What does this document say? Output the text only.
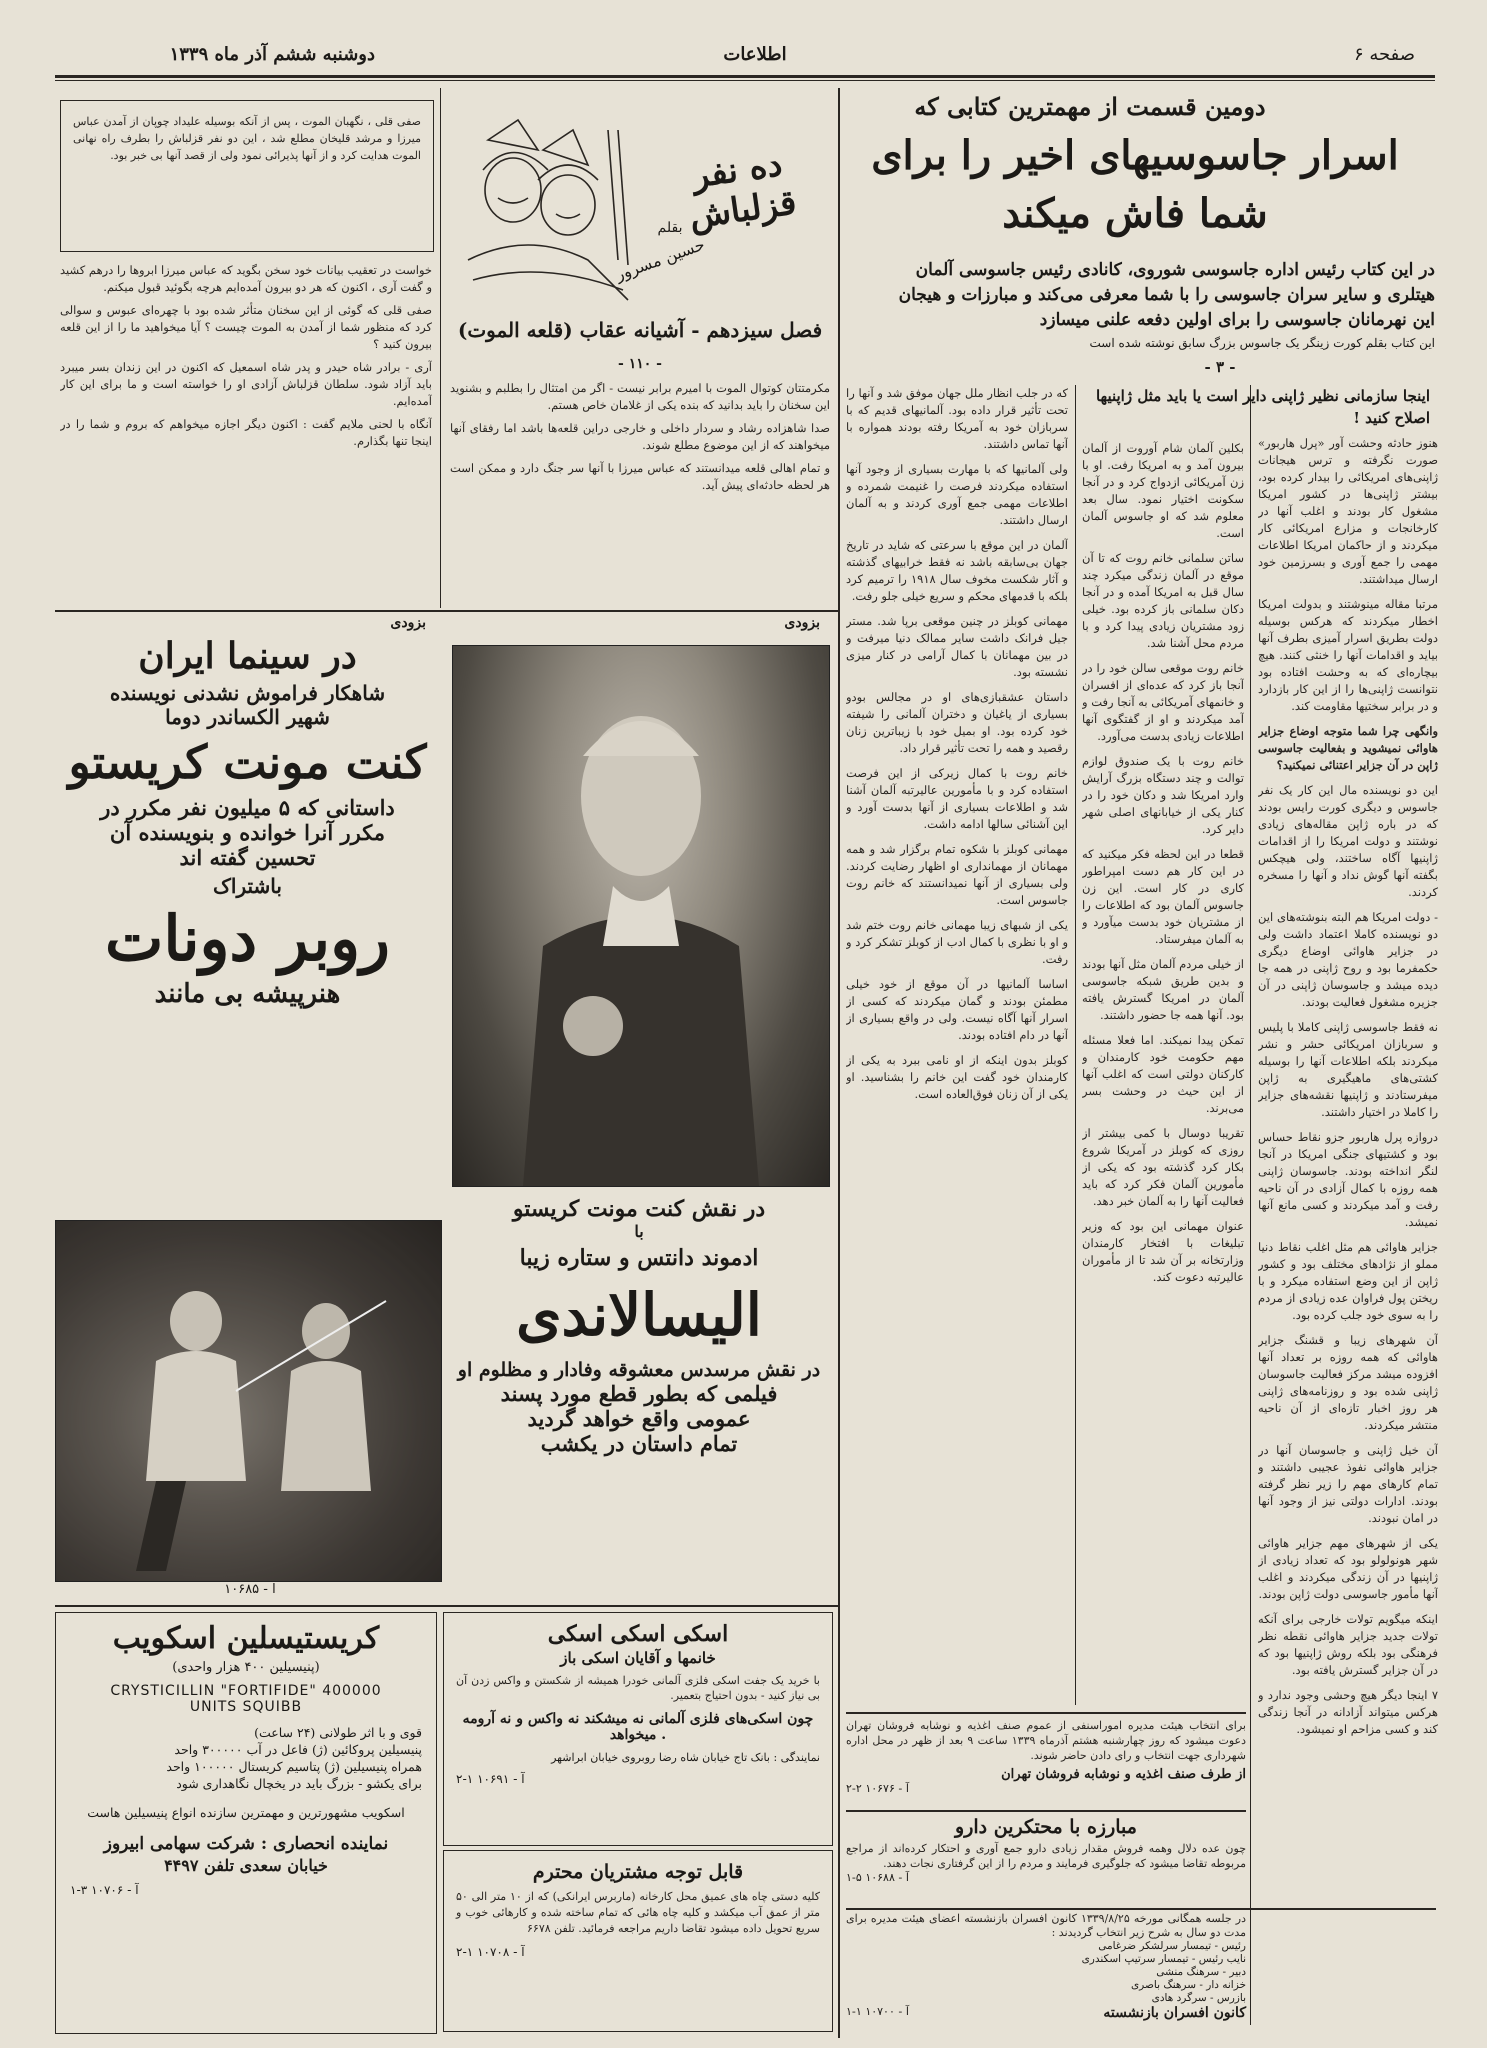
صفحه ۶
اطلاعات
دوشنبه ششم آذر ماه ۱۳۳۹
دومین قسمت از مهمترین کتابی که
اسرار جاسوسیهای اخیر را برای
شما فاش میکند
در این کتاب رئیس اداره جاسوسی شوروی، کانادی رئیس جاسوسی آلمان هیتلری و سایر سران جاسوسی را با شما معرفی می‌کند و مبارزات و هیجان این نهرمانان جاسوسی را برای اولین دفعه علنی میسازد
این کتاب بقلم کورت زینگر یک جاسوس بزرگ سابق نوشته شده است
- ۳ -
اینجا سازمانی نظیر ژاپنی دایر است یا باید مثل ژاپنیها اصلاح کنید !

هنوز حادثه وحشت آور «پرل هاربور» صورت نگرفته و ترس هیجانات ژاپنی‌های امریکائی را بیدار کرده بود، بیشتر ژاپنی‌ها در کشور امریکا مشغول کار بودند و اغلب آنها در کارخانجات و مزارع امریکائی کار میکردند و از حاکمان امریکا اطلاعات مهمی را جمع آوری و بسرزمین خود ارسال میداشتند.

مرتبا مقاله مینوشتند و بدولت امریکا اخطار میکردند که هرکس بوسیله دولت بطریق اسرار آمیزی بطرف آنها بیاید و اقدامات آنها را خنثی کنند. هیچ بیچاره‌ای که به وحشت افتاده بود نتوانست ژاپنی‌ها را از این کار بازدارد و در برابر سختیها مقاومت کند.

وانگهی چرا شما متوجه اوضاع جزایر هاوائی نمیشوید و بفعالیت جاسوسی ژاپن در آن جزایر اعتنائی نمیکنید؟

این دو نویسنده مال این کار یک نفر جاسوس و دیگری کورت رایس بودند که در باره ژاپن مقاله‌های زیادی نوشتند و دولت امریکا را از اقدامات ژاپنیها آگاه ساختند، ولی هیچکس بگفته آنها گوش نداد و آنها را مسخره کردند.

- دولت امریکا هم البته بنوشته‌های این دو نویسنده کاملا اعتماد داشت ولی در جزایر هاوائی اوضاع دیگری حکمفرما بود و روح ژاپنی در همه جا دیده میشد و جاسوسان ژاپنی در آن جزیره مشغول فعالیت بودند.

نه فقط جاسوسی ژاپنی کاملا با پلیس و سربازان امریکائی حشر و نشر میکردند بلکه اطلاعات آنها را بوسیله کشتی‌های ماهیگیری به ژاپن میفرستادند و ژاپنیها نقشه‌های جزایر را کاملا در اختیار داشتند.

دروازه پرل هاربور جزو نقاط حساس بود و کشتیهای جنگی امریکا در آنجا لنگر انداخته بودند. جاسوسان ژاپنی همه روزه با کمال آزادی در آن ناحیه رفت و آمد میکردند و کسی مانع آنها نمیشد.

جزایر هاوائی هم مثل اغلب نقاط دنیا مملو از نژادهای مختلف بود و کشور ژاپن از این وضع استفاده میکرد و با ریختن پول فراوان عده زیادی از مردم را به سوی خود جلب کرده بود.

آن شهرهای زیبا و قشنگ جزایر هاوائی که همه روزه بر تعداد آنها افزوده میشد مرکز فعالیت جاسوسان ژاپنی شده بود و روزنامه‌های ژاپنی هر روز اخبار تازه‌ای از آن ناحیه منتشر میکردند.

آن خیل ژاپنی و جاسوسان آنها در جزایر هاوائی نفوذ عجیبی داشتند و تمام کارهای مهم را زیر نظر گرفته بودند. ادارات دولتی نیز از وجود آنها در امان نبودند.

یکی از شهرهای مهم جزایر هاوائی شهر هونولولو بود که تعداد زیادی از ژاپنیها در آن زندگی میکردند و اغلب آنها مأمور جاسوسی دولت ژاپن بودند.

اینکه میگویم تولات خارجی برای آنکه تولات جدید جزایر هاوائی نقطه نظر فرهنگی بود بلکه روش ژاپنیها بود که در آن جزایر گسترش یافته بود.

۷ اینجا دیگر هیچ وحشی وجود ندارد و هرکس میتواند آزادانه در آنجا زندگی کند و کسی مزاحم او نمیشود.

بکلین آلمان شام آوروت از آلمان بیرون آمد و به امریکا رفت. او با زن آمریکائی ازدواج کرد و در آنجا سکونت اختیار نمود. سال بعد معلوم شد که او جاسوس آلمان است.

ساتن سلمانی خانم روت که تا آن موقع در آلمان زندگی میکرد چند سال قبل به امریکا آمده و در آنجا دکان سلمانی باز کرده بود. خیلی زود مشتریان زیادی پیدا کرد و با مردم محل آشنا شد.

خانم روت موقعی سالن خود را در آنجا باز کرد که عده‌ای از افسران و خانمهای آمریکائی به آنجا رفت و آمد میکردند و او از گفتگوی آنها اطلاعات زیادی بدست می‌آورد.

خانم روت با یک صندوق لوازم توالت و چند دستگاه بزرگ آرایش وارد امریکا شد و دکان خود را در کنار یکی از خیابانهای اصلی شهر دایر کرد.

قطعا در این لحظه فکر میکنید که در این کار هم دست امپراطور کاری در کار است. این زن جاسوس آلمان بود که اطلاعات را از مشتریان خود بدست میآورد و به آلمان میفرستاد.

از خیلی مردم آلمان مثل آنها بودند و بدین طریق شبکه جاسوسی آلمان در امریکا گسترش یافته بود. آنها همه جا حضور داشتند.

تمکن پیدا نمیکند. اما فعلا مسئله مهم حکومت خود کارمندان و کارکنان دولتی است که اغلب آنها از این حیث در وحشت بسر می‌برند.

تقریبا دوسال با کمی بیشتر از روزی که کوبلز در آمریکا شروع بکار کرد گذشته بود که یکی از مأمورین آلمان فکر کرد که باید فعالیت آنها را به آلمان خبر دهد.

عنوان مهمانی این بود که وزیر تبلیغات با افتخار کارمندان وزارتخانه بر آن شد تا از مأموران عالیرتبه دعوت کند.

که در جلب انظار ملل جهان موفق شد و آنها را تحت تأثیر قرار داده بود. آلمانیهای قدیم که با سربازان خود به آمریکا رفته بودند همواره با آنها تماس داشتند.

ولی آلمانیها که با مهارت بسیاری از وجود آنها استفاده میکردند فرصت را غنیمت شمرده و اطلاعات مهمی جمع آوری کردند و به آلمان ارسال داشتند.

آلمان در این موقع با سرعتی که شاید در تاریخ جهان بی‌سابقه باشد نه فقط خرابیهای گذشته و آثار شکست مخوف سال ۱۹۱۸ را ترمیم کرد بلکه با قدمهای محکم و سریع خیلی جلو رفت.

مهمانی کوبلز در چنین موقعی برپا شد. مستر جیل فرانک داشت سایر ممالک دنیا میرفت و در بین مهمانان با کمال آرامی در کنار میزی نشسته بود.

داستان عشقبازی‌های او در مجالس بودو بسیاری از یاغیان و دختران آلمانی را شیفته خود کرده بود. او بمیل خود با زیباترین زنان رقصید و همه را تحت تأثیر قرار داد.

خانم روت با کمال زیرکی از این فرصت استفاده کرد و با مأمورین عالیرتبه آلمان آشنا شد و اطلاعات بسیاری از آنها بدست آورد و این آشنائی سالها ادامه داشت.

مهمانی کوبلز با شکوه تمام برگزار شد و همه مهمانان از مهمانداری او اظهار رضایت کردند. ولی بسیاری از آنها نمیدانستند که خانم روت جاسوس است.

یکی از شبهای زیبا مهمانی خانم روت ختم شد و او با نظری با کمال ادب از کوبلز تشکر کرد و رفت.

اساسا آلمانیها در آن موقع از خود خیلی مطمئن بودند و گمان میکردند که کسی از اسرار آنها آگاه نیست. ولی در واقع بسیاری از آنها در دام افتاده بودند.

کوبلز بدون اینکه از او نامی ببرد به یکی از کارمندان خود گفت این خانم را بشناسید. او یکی از آن زنان فوق‌العاده است.

برای انتخاب هیئت مدیره اموراسنفی از عموم صنف اغذیه و نوشابه فروشان تهران دعوت میشود که روز چهارشنبه هشتم آذرماه ۱۳۳۹ ساعت ۹ بعد از ظهر در محل اداره شهرداری جهت انتخاب و رای دادن حاضر شوند.

از طرف صنف اغذیه و نوشابه فروشان تهران
آ - ۱۰۶۷۶ ۲-۲
مبارزه با محتکرین دارو

چون عده دلال وهمه فروش مقدار زیادی دارو جمع آوری و احتکار کرده‌اند از مراجع مربوطه تقاضا میشود که جلوگیری فرمایند و مردم را از این گرفتاری نجات دهند.

آ - ۱۰۶۸۸ ۵-۱

در جلسه همگانی مورخه ۱۳۳۹/۸/۲۵ کانون افسران بازنشسته اعضای هیئت مدیره برای مدت دو سال به شرح زیر انتخاب گردیدند :

رئیس - تیمسار سرلشکر ضرغامی
نایب رئیس - تیمسار سرتیپ اسکندری
دبیر - سرهنگ منشی
خزانه دار - سرهنگ باصری
بازرس - سرگرد هادی
آ - ۱۰۷۰۰ ۱-۱	کانون افسران بازنشسته

صفی قلی ، نگهبان الموت ، پس از آنکه بوسیله علیداد چوپان از آمدن عباس میرزا و مرشد قلیخان مطلع شد ، این دو نفر قزلباش را بطرف راه نهانی الموت هدایت کرد و از آنها پذیرائی نمود ولی از قصد آنها بی خبر بود.	ده نفر قزلباش
بقلم
حسین مسرور
فصل سیزدهم - آشیانه عقاب (قلعه الموت)
- ۱۱۰ -

خواست در تعقیب بیانات خود سخن بگوید که عباس میرزا ابروها را درهم کشید و گفت آری ، اکنون که هر دو بیرون آمده‌ایم هرچه بگوئید قبول میکنم.

صفی قلی که گوئی از این سخنان متأثر شده بود با چهره‌ای عبوس و سوالی کرد که منظور شما از آمدن به الموت چیست ؟ آیا میخواهید ما را از این قلعه بیرون کنید ؟

آری - برادر شاه حیدر و پدر شاه اسمعیل که اکنون در این زندان بسر میبرد باید آزاد شود. سلطان قزلباش آزادی او را خواسته است و ما برای این کار آمده‌ایم.

آنگاه با لحنی ملایم گفت : اکنون دیگر اجازه میخواهم که بروم و شما را در اینجا تنها بگذارم.

مکرمتتان کوتوال الموت با امیرم برابر نیست - اگر من امتثال را بطلبم و بشنوید این سخنان را باید بدانید که بنده یکی از غلامان خاص هستم.

صدا شاهزاده رشاد و سردار داخلی و خارجی دراین قلعه‌ها باشد اما رفقای آنها میخواهند که از این موضوع مطلع شوند.

و تمام اهالی قلعه میدانستند که عباس میرزا با آنها سر جنگ دارد و ممکن است هر لحظه حادثه‌ای پیش آید.

بزودی
در سینما ایران
شاهکار فراموش نشدنی نویسنده
شهیر الکساندر دوما
کنت مونت کریستو
داستانی که ۵ میلیون نفر مکرر در
مکرر آنرا خوانده و بنویسنده آن
تحسین گفته اند
باشتراک
روبر دونات
هنرپیشه بی مانند
بزودی
ا - ۱۰۶۸۵
در نقش کنت مونت کریستو
با
ادموند دانتس و ستاره زیبا
الیسالاندی
در نقش مرسدس معشوقه وفادار و مظلوم او
فیلمی که بطور قطع مورد پسند
عمومی واقع خواهد گردید
تمام داستان در یکشب
کریستیسلین اسکویب
(پنیسیلین ۴۰۰ هزار واحدی)
CRYSTICILLIN "FORTIFIDE" 400000
UNITS SQUIBB
قوی و با اثر طولانی (۲۴ ساعت)
پنیسیلین پروکائین (ژ) فاعل در آب ۳۰۰۰۰۰ واحد
همراه پنیسیلین (ژ) پتاسیم کریستال ۱۰۰۰۰۰ واحد
برای یکشو - بزرگ باید در یخچال نگاهداری شود
اسکویب مشهورترین و مهمترین سازنده انواع پنیسیلین هاست
نماینده انحصاری : شرکت سهامی ابیروز
خیابان سعدی تلفن ۴۴۹۷
آ - ۱۰۷۰۶ ۳-۱
اسکی اسکی اسکی
خانمها و آقایان اسکی باز

با خرید یک جفت اسکی فلزی آلمانی خودرا همیشه از شکستن و واکس زدن آن بی نیاز کنید - بدون احتیاج بتعمیر.

چون اسکی‌های فلزی آلمانی نه میشکند نه واکس و نه آرومه میخواهد .
نمایندگی : بانک تاج خیابان شاه رضا روبروی خیابان ابراشهر
آ - ۱۰۶۹۱ ۱-۲
قابل توجه مشتریان محترم

کلیه دستی چاه های عمیق محل کارخانه (ماربرس ایرانکی) که از ۱۰ متر الی ۵۰ متر از عمق آب میکشد و کلیه چاه هائی که تمام ساخته شده و کارهائی خوب و سریع تحویل داده میشود تقاضا داریم مراجعه فرمائید. تلفن ۶۶۷۸

آ - ۱۰۷۰۸ ۱-۲
